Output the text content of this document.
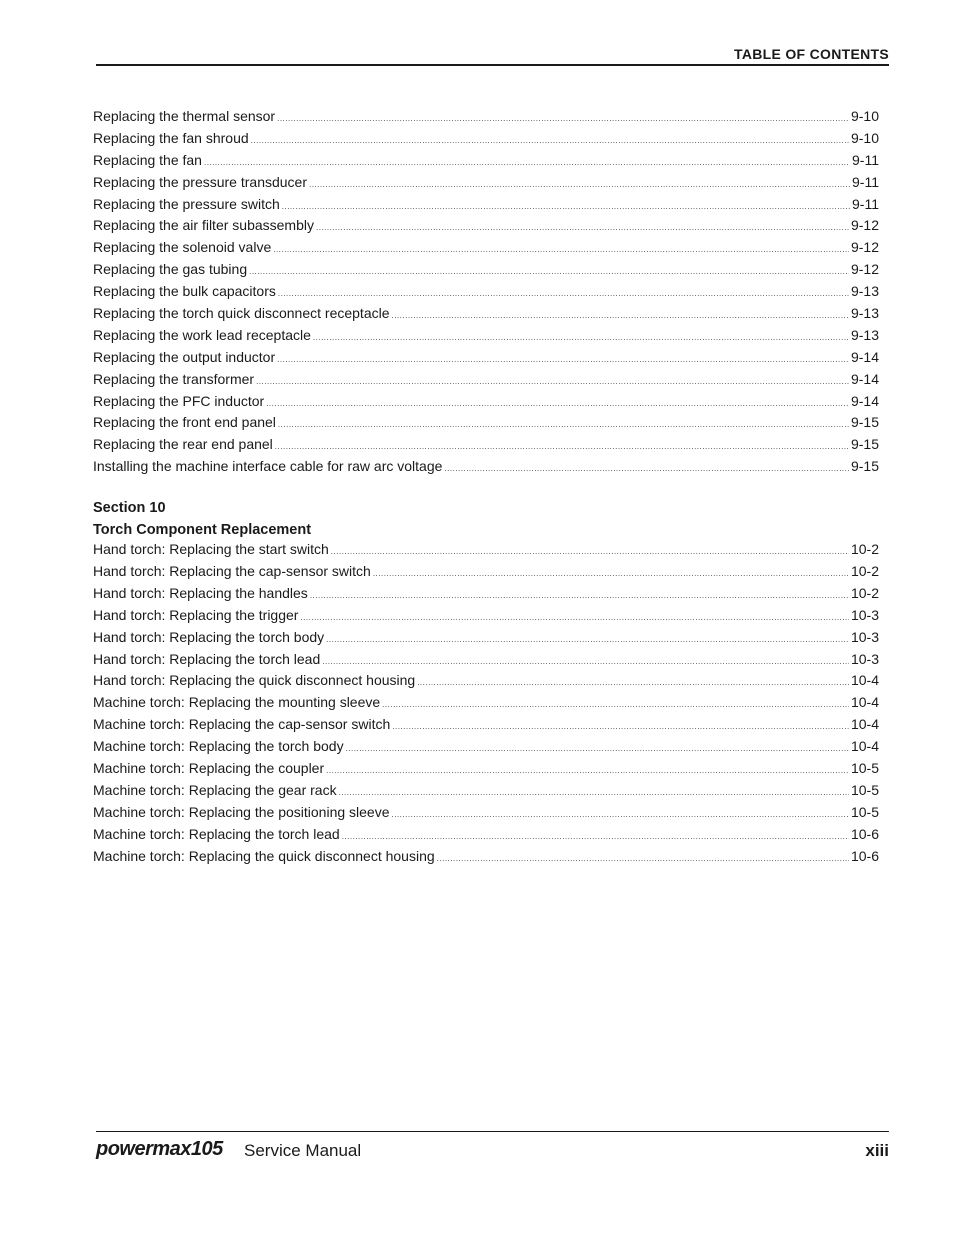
TABLE OF CONTENTS
Replacing the thermal sensor .....	9-10
Replacing the fan shroud .....	9-10
Replacing the fan .....	9-11
Replacing the pressure transducer .....	9-11
Replacing the pressure switch .....	9-11
Replacing the air filter subassembly .....	9-12
Replacing the solenoid valve .....	9-12
Replacing the gas tubing .....	9-12
Replacing the bulk capacitors .....	9-13
Replacing the torch quick disconnect receptacle .....	9-13
Replacing the work lead receptacle .....	9-13
Replacing the output inductor .....	9-14
Replacing the transformer .....	9-14
Replacing the PFC inductor .....	9-14
Replacing the front end panel .....	9-15
Replacing the rear end panel .....	9-15
Installing the machine interface cable for raw arc voltage .....	9-15
Section 10
Torch Component Replacement
Hand torch: Replacing the start switch .....	10-2
Hand torch: Replacing the cap-sensor switch .....	10-2
Hand torch: Replacing the handles .....	10-2
Hand torch: Replacing the trigger .....	10-3
Hand torch: Replacing the torch body .....	10-3
Hand torch: Replacing the torch lead .....	10-3
Hand torch: Replacing the quick disconnect housing .....	10-4
Machine torch: Replacing the mounting sleeve .....	10-4
Machine torch: Replacing the cap-sensor switch .....	10-4
Machine torch: Replacing the torch body .....	10-4
Machine torch: Replacing the coupler .....	10-5
Machine torch: Replacing the gear rack .....	10-5
Machine torch: Replacing the positioning sleeve .....	10-5
Machine torch: Replacing the torch lead .....	10-6
Machine torch: Replacing the quick disconnect housing .....	10-6
powermax105 Service Manual	xiii
